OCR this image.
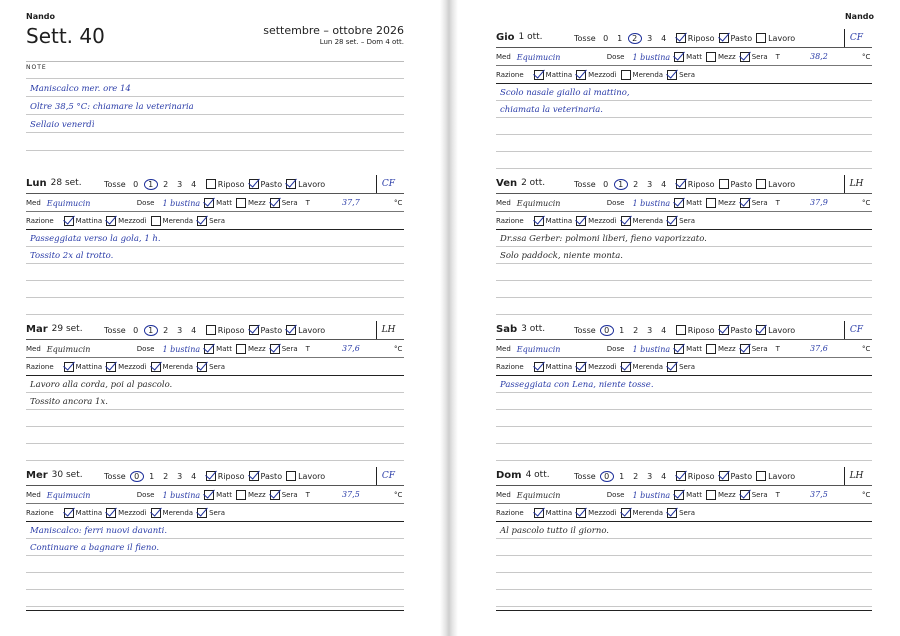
Nando
Sett. 40	settembre – ottobre 2026
Lun 28 set. – Dom 4 ott.
NOTE
Maniscalco mer. ore 14
Oltre 38,5 °C: chiamare la veterinaria
Sellaio venerdì
Lun 28 set.	Tosse 0	1	2	3	4	Riposo Pasto Lavoro	CF
Med Equimucin	Dose 1 bustina Matt Mezz Sera T	37,7	°C
Razione	Mattina Mezzodì Merenda Sera
Passeggiata verso la gola, 1 h.
Tossito 2x al trotto.
Mar 29 set.	Tosse 0	1	2	3	4	Riposo Pasto Lavoro	LH
Med Equimucin	Dose 1 bustina Matt Mezz Sera T	37,6	°C
Razione	Mattina Mezzodì Merenda Sera
Lavoro alla corda, poi al pascolo.
Tossito ancora 1x.
Mer 30 set.	Tosse	0	1	2	3	4	Riposo Pasto Lavoro	CF
Med Equimucin	Dose 1 bustina Matt Mezz Sera T	37,5	°C
Razione	Mattina Mezzodì Merenda Sera
Maniscalco: ferri nuovi davanti.
Continuare a bagnare il fieno.
Nando
Gio 1 ott.	Tosse 0	1	2	3	4	Riposo Pasto Lavoro	CF
Med Equimucin	Dose 1 bustina Matt Mezz Sera T	38,2	°C
Razione	Mattina Mezzodì Merenda Sera
Scolo nasale giallo al mattino,
chiamata la veterinaria.
Ven 2 ott.	Tosse 0	1	2	3	4	Riposo Pasto Lavoro	LH
Med Equimucin	Dose 1 bustina Matt Mezz Sera T	37,9	°C
Razione	Mattina Mezzodì Merenda Sera
Dr.ssa Gerber: polmoni liberi, fieno vaporizzato.
Solo paddock, niente monta.
Sab 3 ott.	Tosse	0	1	2	3	4	Riposo Pasto Lavoro	CF
Med Equimucin	Dose 1 bustina Matt Mezz Sera T	37,6	°C
Razione	Mattina Mezzodì Merenda Sera
Passeggiata con Lena, niente tosse.
Dom 4 ott.	Tosse	0	1	2	3	4	Riposo Pasto Lavoro	LH
Med Equimucin	Dose 1 bustina Matt Mezz Sera T	37,5	°C
Razione	Mattina Mezzodì Merenda Sera
Al pascolo tutto il giorno.
